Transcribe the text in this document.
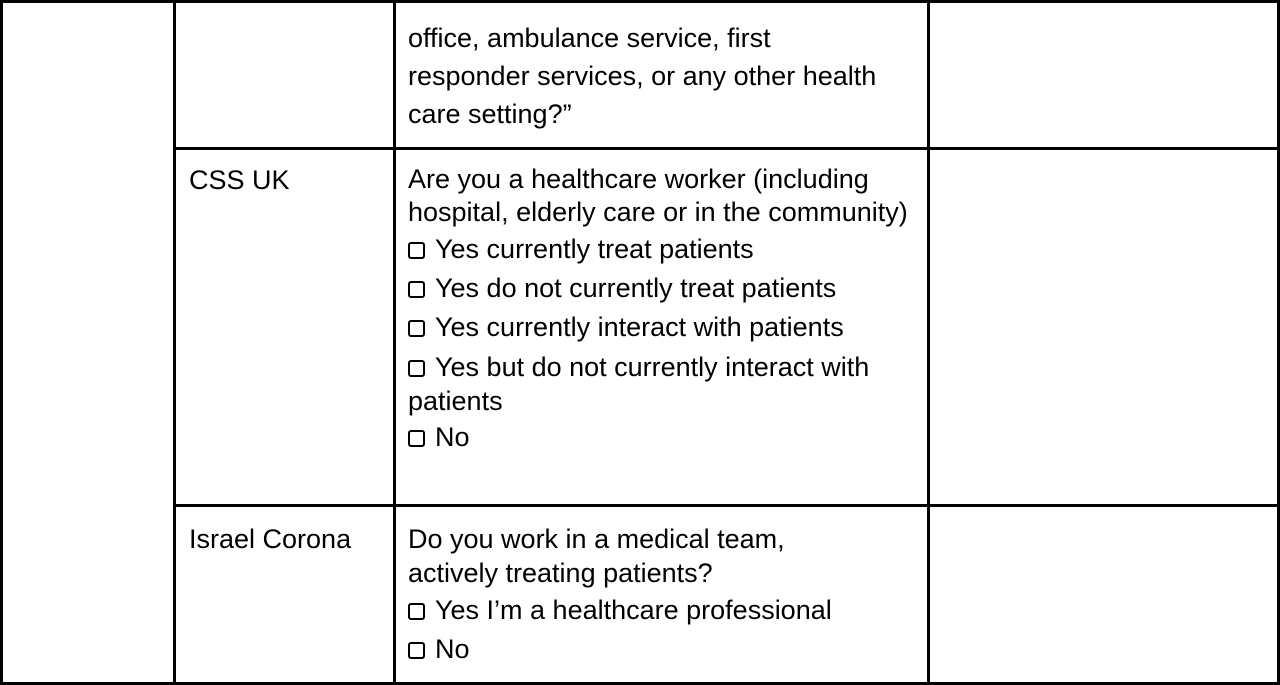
office, ambulance service, first
responder services, or any other health
care setting?”
CSS UK	Are you a healthcare worker (including hospital, elderly care or in the community)
Yes currently treat patients
Yes do not currently treat patients
Yes currently interact with patients
Yes but do not currently interact with patients
No
Israel Corona Do you work in a medical team, actively treating patients?
Yes I’m a healthcare professional
No
